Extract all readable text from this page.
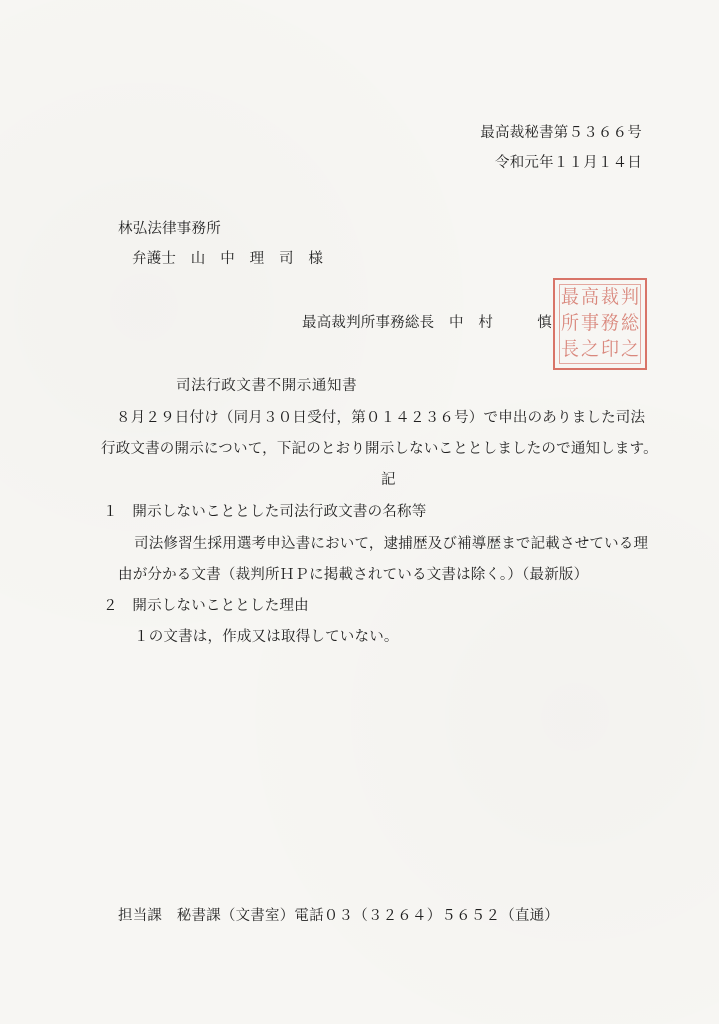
最高裁秘書第５３６６号
令和元年１１月１４日
林弘法律事務所
弁護士　山　中　理　司　様
最高裁判所事務総長　中　村　　　慎
最 高 裁 判
所 事 務 総
長 之 印 之
司法行政文書不開示通知書
８月２９日付け（同月３０日受付，第０１４２３６号）で申出のありました司法
行政文書の開示について，下記のとおり開示しないこととしましたので通知します。
記
１　開示しないこととした司法行政文書の名称等
司法修習生採用選考申込書において，逮捕歴及び補導歴まで記載させている理
由が分かる文書（裁判所ＨＰに掲載されている文書は除く。）（最新版）
２　開示しないこととした理由
１の文書は，作成又は取得していない。
担当課　秘書課（文書室）電話０３（３２６４）５６５２（直通）
